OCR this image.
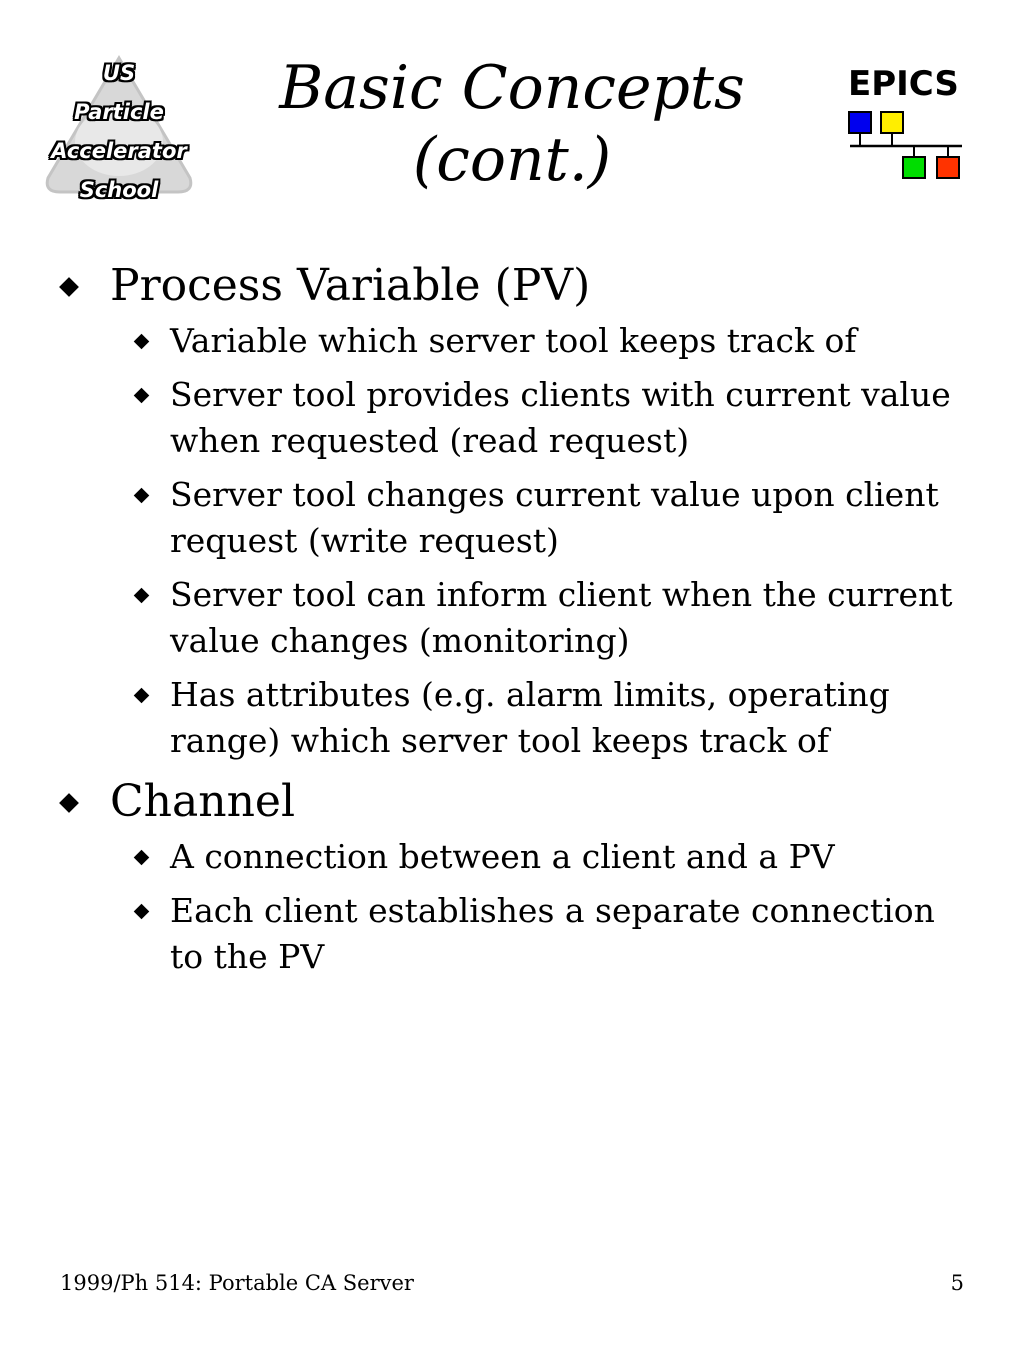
US
Particle
Accelerator
School
Basic Concepts
(cont.)
EPICS
Process Variable (PV)
Variable which server tool keeps track of
Server tool provides clients with current value when requested (read request)
Server tool changes current value upon client request (write request)
Server tool can inform client when the current value changes (monitoring)
Has attributes (e.g. alarm limits, operating range) which server tool keeps track of
Channel
A connection between a client and a PV
Each client establishes a separate connection to the PV
1999/Ph 514: Portable CA Server	5
